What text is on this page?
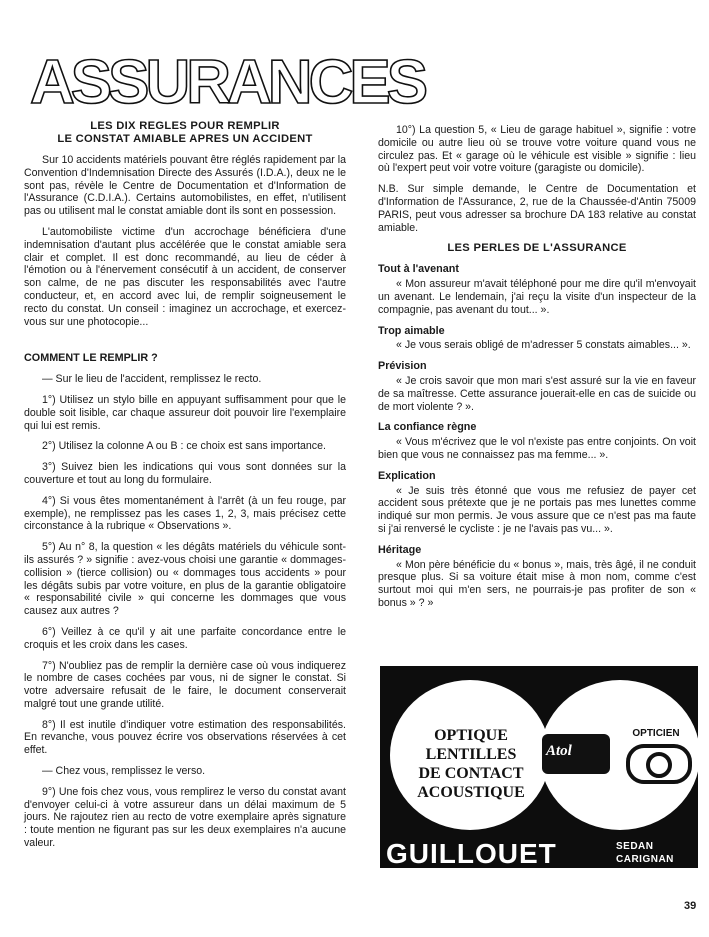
ASSURANCES
LES DIX REGLES POUR REMPLIR
LE CONSTAT AMIABLE APRES UN ACCIDENT

Sur 10 accidents matériels pouvant être réglés rapidement par la Convention d'Indemnisation Directe des Assurés (I.D.A.), deux ne le sont pas, révèle le Centre de Documentation et d'Information de l'Assurance (C.D.I.A.). Certains automobilistes, en effet, n'utilisent pas ou utilisent mal le constat amiable dont ils sont en possession.

L'automobiliste victime d'un accrochage bénéficiera d'une indemnisation d'autant plus accélérée que le constat amiable sera clair et complet. Il est donc recommandé, au lieu de céder à l'émotion ou à l'énervement consécutif à un accident, de conserver son calme, de ne pas discuter les responsabilités avec l'autre conducteur, et, en accord avec lui, de remplir soigneusement le recto du constat. Un conseil : imaginez un accrochage, et exercez-vous sur une photocopie...

COMMENT LE REMPLIR ?

— Sur le lieu de l'accident, remplissez le recto.

1°) Utilisez un stylo bille en appuyant suffisamment pour que le double soit lisible, car chaque assureur doit pouvoir lire l'exemplaire qui lui est remis.

2°) Utilisez la colonne A ou B : ce choix est sans importance.

3°) Suivez bien les indications qui vous sont données sur la couverture et tout au long du formulaire.

4°) Si vous êtes momentanément à l'arrêt (à un feu rouge, par exemple), ne remplissez pas les cases 1, 2, 3, mais précisez cette circonstance à la rubrique « Observations ».

5°) Au n° 8, la question « les dégâts matériels du véhicule sont-ils assurés ? » signifie : avez-vous choisi une garantie « dommages-collision » (tierce collision) ou « dommages tous accidents » pour les dégâts subis par votre voiture, en plus de la garantie obligatoire « responsabilité civile » qui concerne les dommages que vous causez aux autres ?

6°) Veillez à ce qu'il y ait une parfaite concordance entre le croquis et les croix dans les cases.

7°) N'oubliez pas de remplir la dernière case où vous indiquerez le nombre de cases cochées par vous, ni de signer le constat. Si votre adversaire refusait de le faire, le document conserverait malgré tout une grande utilité.

8°) Il est inutile d'indiquer votre estimation des responsabilités. En revanche, vous pouvez écrire vos observations réservées à cet effet.

— Chez vous, remplissez le verso.

9°) Une fois chez vous, vous remplirez le verso du constat avant d'envoyer celui-ci à votre assureur dans un délai maximum de 5 jours. Ne rajoutez rien au recto de votre exemplaire après signature : toute mention ne figurant pas sur les deux exemplaires n'a aucune valeur.

10°) La question 5, « Lieu de garage habituel », signifie : votre domicile ou autre lieu où se trouve votre voiture quand vous ne circulez pas. Et « garage où le véhicule est visible » signifie : lieu où l'expert peut voir votre voiture (garagiste ou domicile).

N.B. Sur simple demande, le Centre de Documentation et d'Information de l'Assurance, 2, rue de la Chaussée-d'Antin 75009 PARIS, peut vous adresser sa brochure DA 183 relative au constat amiable.

LES PERLES DE L'ASSURANCE
Tout à l'avenant

« Mon assureur m'avait téléphoné pour me dire qu'il m'envoyait un avenant. Le lendemain, j'ai reçu la visite d'un inspecteur de la compagnie, pas avenant du tout... ».

Trop aimable

« Je vous serais obligé de m'adresser 5 constats aimables... ».

Prévision

« Je crois savoir que mon mari s'est assuré sur la vie en faveur de sa maîtresse. Cette assurance jouerait-elle en cas de suicide ou de mort violente ? ».

La confiance règne

« Vous m'écrivez que le vol n'existe pas entre conjoints. On voit bien que vous ne connaissez pas ma femme... ».

Explication

« Je suis très étonné que vous me refusiez de payer cet accident sous prétexte que je ne portais pas mes lunettes comme indiqué sur mon permis. Je vous assure que ce n'est pas ma faute si j'ai renversé le cycliste : je ne l'avais pas vu... ».

Héritage

« Mon père bénéficie du « bonus », mais, très âgé, il ne conduit presque plus. Si sa voiture était mise à mon nom, comme c'est surtout moi qui m'en sers, ne pourrais-je pas profiter de son « bonus » ? »

OPTIQUE
LENTILLES
DE CONTACT
ACOUSTIQUE
Atol
OPTICIEN
GUILLOUET	SEDAN
CARIGNAN
39
